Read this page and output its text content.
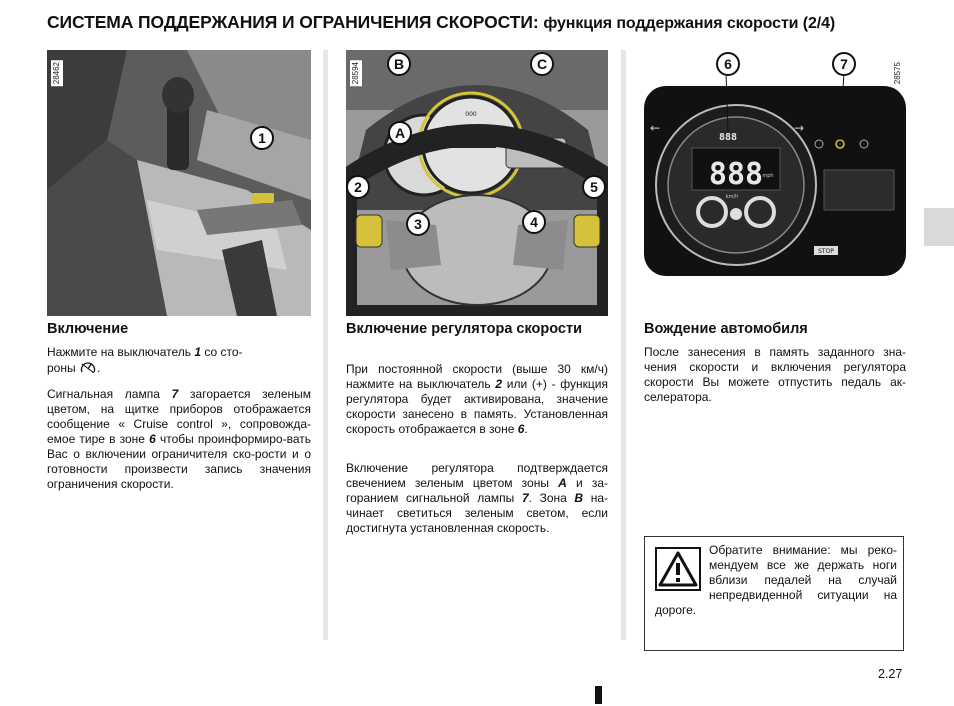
СИСТЕМА ПОДДЕРЖАНИЯ И ОГРАНИЧЕНИЯ СКОРОСТИ: функция поддержания скорости (2/4)
28462
1	888
000
28594	B	C
A
2	5
3	4
888
888
km/h
mph
STOP
←	→
28575
6	7
Включение

Нажмите на выключатель 1 со сто-
роны .

Сигнальная лампа 7 загорается зеленым цветом, на щитке приборов отображается сообщение « Cruise control », сопровожда-емое тире в зоне 6 чтобы проинформиро-вать Вас о включении ограничителя ско-рости и о готовности произвести запись значения ограничения скорости.

Включение регулятора скорости

При постоянной скорости (выше 30 км/ч) нажмите на выключатель 2 или (+) - функция регулятора будет активирована, значение скорости занесено в память. Установленная скорость отображается в зоне 6.

Включение регулятора подтверждается свечением зеленым цветом зоны A и за-горанием сигнальной лампы 7. Зона B на-чинает светиться зеленым светом, если достигнута установленная скорость.

Вождение автомобиля

После занесения в память заданного зна-чения скорости и включения регулятора скорости Вы можете отпустить педаль ак-селератора.

Обратите внимание: мы реко-мендуем все же держать ноги вблизи педалей на случай непредвиденной ситуации на дороге.

2.27
